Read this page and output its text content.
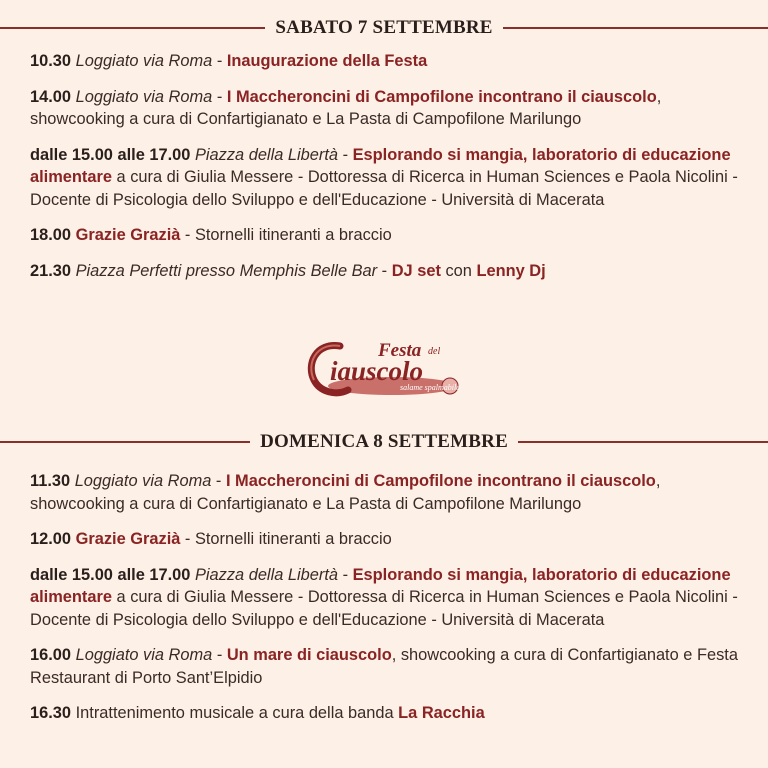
SABATO 7 SETTEMBRE

10.30 Loggiato via Roma - Inaugurazione della Festa

14.00 Loggiato via Roma - I Maccheroncini di Campofilone incontrano il ciauscolo, showcooking a cura di Confartigianato e La Pasta di Campofilone Marilungo

dalle 15.00 alle 17.00 Piazza della Libertà - Esplorando si mangia, laboratorio di educazione alimentare a cura di Giulia Messere - Dottoressa di Ricerca in Human Sciences e Paola Nicolini - Docente di Psicologia dello Sviluppo e dell'Educazione - Università di Macerata

18.00 Grazie Grazià - Stornelli itineranti a braccio

21.30 Piazza Perfetti presso Memphis Belle Bar - DJ set con Lenny Dj

Festa del
iauscolo
salame spalmabile
DOMENICA 8 SETTEMBRE

11.30 Loggiato via Roma - I Maccheroncini di Campofilone incontrano il ciauscolo, showcooking a cura di Confartigianato e La Pasta di Campofilone Marilungo

12.00 Grazie Grazià - Stornelli itineranti a braccio

dalle 15.00 alle 17.00 Piazza della Libertà - Esplorando si mangia, laboratorio di educazione alimentare a cura di Giulia Messere - Dottoressa di Ricerca in Human Sciences e Paola Nicolini - Docente di Psicologia dello Sviluppo e dell'Educazione - Università di Macerata

16.00 Loggiato via Roma - Un mare di ciauscolo, showcooking a cura di Confartigianato e Festa Restaurant di Porto Sant’Elpidio

16.30 Intrattenimento musicale a cura della banda La Racchia
